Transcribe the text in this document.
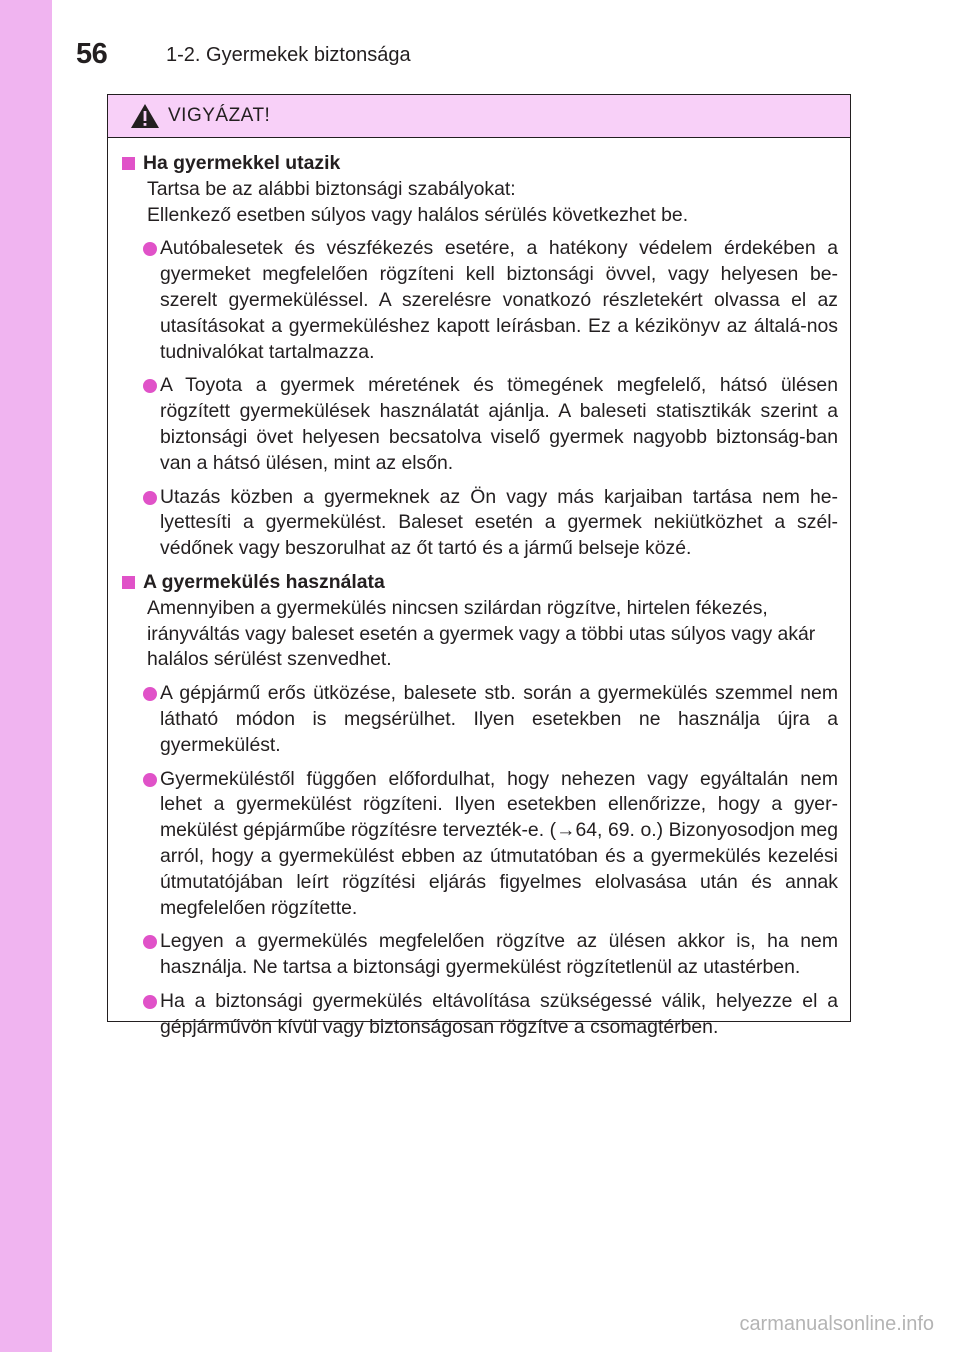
56	1-2. Gyermekek biztonsága
VIGYÁZAT!
Ha gyermekkel utazik
Tartsa be az alábbi biztonsági szabályokat:
Ellenkező esetben súlyos vagy halálos sérülés következhet be.
Autóbalesetek és vészfékezés esetére, a hatékony védelem érdekében a gyermeket megfelelően rögzíteni kell biztonsági övvel, vagy helyesen be-szerelt gyermeküléssel. A szerelésre vonatkozó részletekért olvassa el az utasításokat a gyermeküléshez kapott leírásban. Ez a kézikönyv az általá-nos tudnivalókat tartalmazza.
A Toyota a gyermek méretének és tömegének megfelelő, hátsó ülésen rögzített gyermekülések használatát ajánlja. A baleseti statisztikák szerint a biztonsági övet helyesen becsatolva viselő gyermek nagyobb biztonság-ban van a hátsó ülésen, mint az elsőn.
Utazás közben a gyermeknek az Ön vagy más karjaiban tartása nem he-lyettesíti a gyermekülést. Baleset esetén a gyermek nekiütközhet a szél-védőnek vagy beszorulhat az őt tartó és a jármű belseje közé.
A gyermekülés használata
Amennyiben a gyermekülés nincsen szilárdan rögzítve, hirtelen fékezés, irányváltás vagy baleset esetén a gyermek vagy a többi utas súlyos vagy akár halálos sérülést szenvedhet.
A gépjármű erős ütközése, balesete stb. során a gyermekülés szemmel nem látható módon is megsérülhet. Ilyen esetekben ne használja újra a gyermekülést.
Gyermeküléstől függően előfordulhat, hogy nehezen vagy egyáltalán nem lehet a gyermekülést rögzíteni. Ilyen esetekben ellenőrizze, hogy a gyer-mekülést gépjárműbe rögzítésre tervezték-e. (→64, 69. o.) Bizonyosodjon meg arról, hogy a gyermekülést ebben az útmutatóban és a gyermekülés kezelési útmutatójában leírt rögzítési eljárás figyelmes elolvasása után és annak megfelelően rögzítette.
Legyen a gyermekülés megfelelően rögzítve az ülésen akkor is, ha nem használja. Ne tartsa a biztonsági gyermekülést rögzítetlenül az utastérben.
Ha a biztonsági gyermekülés eltávolítása szükségessé válik, helyezze el a gépjárművön kívül vagy biztonságosan rögzítve a csomagtérben.
carmanualsonline.info
